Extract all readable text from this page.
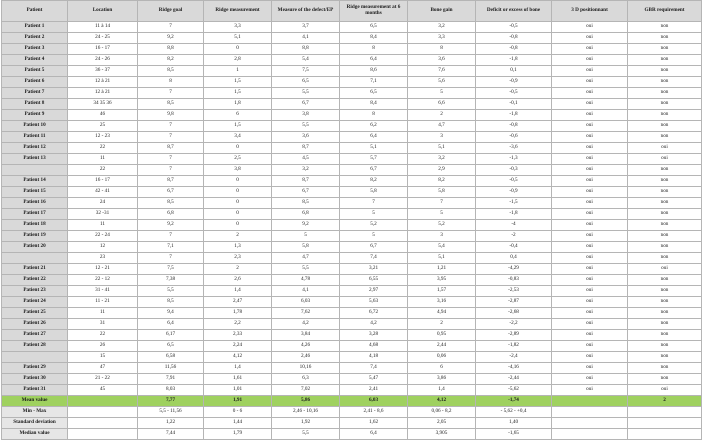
Patient	Location	Ridge goal	Ridge measurement	Measure of the defect/EP	Ridge measurement at 6 months	Bone gain	Deficit or excess of bone	3 D positionnant	GBR requirement
Patient 1	11 à 14	7	3,3	3,7	6,5	3,2	-0,5	oui	non
Patient 2	24 - 25	9,2	5,1	4,1	8,4	3,3	-0,8	oui	non
Patient 3	16 - 17	8,8	0	8,8	8	8	-0,8	oui	non
Patient 4	24 - 26	8,2	2,8	5,4	6,4	3,6	-1,8	oui	non
Patient 5	36 - 37	8,5	1	7,5	8,6	7,6	0,1	oui	non
Patient 6	12 à 21	8	1,5	6,5	7,1	5,6	-0,9	oui	non
Patient 7	12 à 21	7	1,5	5,5	6,5	5	-0,5	oui	non
Patient 8	34 35 36	8,5	1,8	6,7	8,4	6,6	-0,1	oui	non
Patient 9	46	9,8	6	3,8	8	2	-1,8	oui	non
Patient 10	25	7	1,5	5,5	6,2	4,7	-0,8	oui	non
Patient 11	12 - 23	7	3,4	3,6	6,4	3	-0,6	oui	non
Patient 12	22	8,7	0	8,7	5,1	5,1	-3,6	oui	oui
Patient 13	11	7	2,5	4,5	5,7	3,2	-1,3	oui	oui
	22	7	3,8	3,2	6,7	2,9	-0,3	oui	non
Patient 14	16 - 17	8,7	0	8,7	8,2	8,2	-0,5	oui	non
Patient 15	42 - 41	6,7	0	6,7	5,8	5,8	-0,9	oui	non
Patient 16	24	8,5	0	8,5	7	7	-1,5	oui	non
Patient 17	32 -31	6,8	0	6,8	5	5	-1,8	oui	non
Patient 18	11	9,2	0	9,2	5,2	5,2	-4	oui	non
Patient 19	22 - 24	7	2	5	5	3	-2	oui	non
Patient 20	12	7,1	1,3	5,8	6,7	5,4	-0,4	oui	non
	23	7	2,3	4,7	7,4	5,1	0,4	oui	non
Patient 21	12 - 21	7,5	2	5,5	3,21	1,21	-4,29	oui	oui
Patient 22	22 - 12	7,38	2,6	4,78	6,55	3,95	-0,83	oui	non
Patient 23	31 - 41	5,5	1,4	4,1	2,97	1,57	-2,53	oui	non
Patient 24	11 - 21	8,5	2,47	6,03	5,63	3,16	-2,87	oui	non
Patient 25	11	9,4	1,78	7,62	6,72	4,94	-2,68	oui	non
Patient 26	31	6,4	2,2	4,2	4,2	2	-2,2	oui	non
Patient 27	22	6,17	2,33	3,84	3,28	0,95	-2,89	oui	non
Patient 28	26	6,5	2,24	4,26	4,68	2,44	-1,82	oui	non
	15	6,58	4,12	2,46	4,18	0,06	-2,4	oui	non
Patient 29	47	11,56	1,4	10,16	7,4	6	-4,16	oui	non
Patient 30	21 - 22	7,91	1,61	6,3	5,47	3,86	-2,44	oui	non
Patient 31	45	8,03	1,01	7,02	2,41	1,4	-5,62	oui	oui
Mean value		7,77	1,91	5,86	6,03	4,12	-1,74		2
Min - Max		5,5 - 11,56	0 - 6	2,46 - 10,16	2,41 - 8,6	0,06 - 8,2	- 5,62 - +0,4		
Standard deviation		1,22	1,44	1,92	1,62	2,05	1,40		
Median value		7,44	1,79	5,5	6,4	3,905	-1,65		
